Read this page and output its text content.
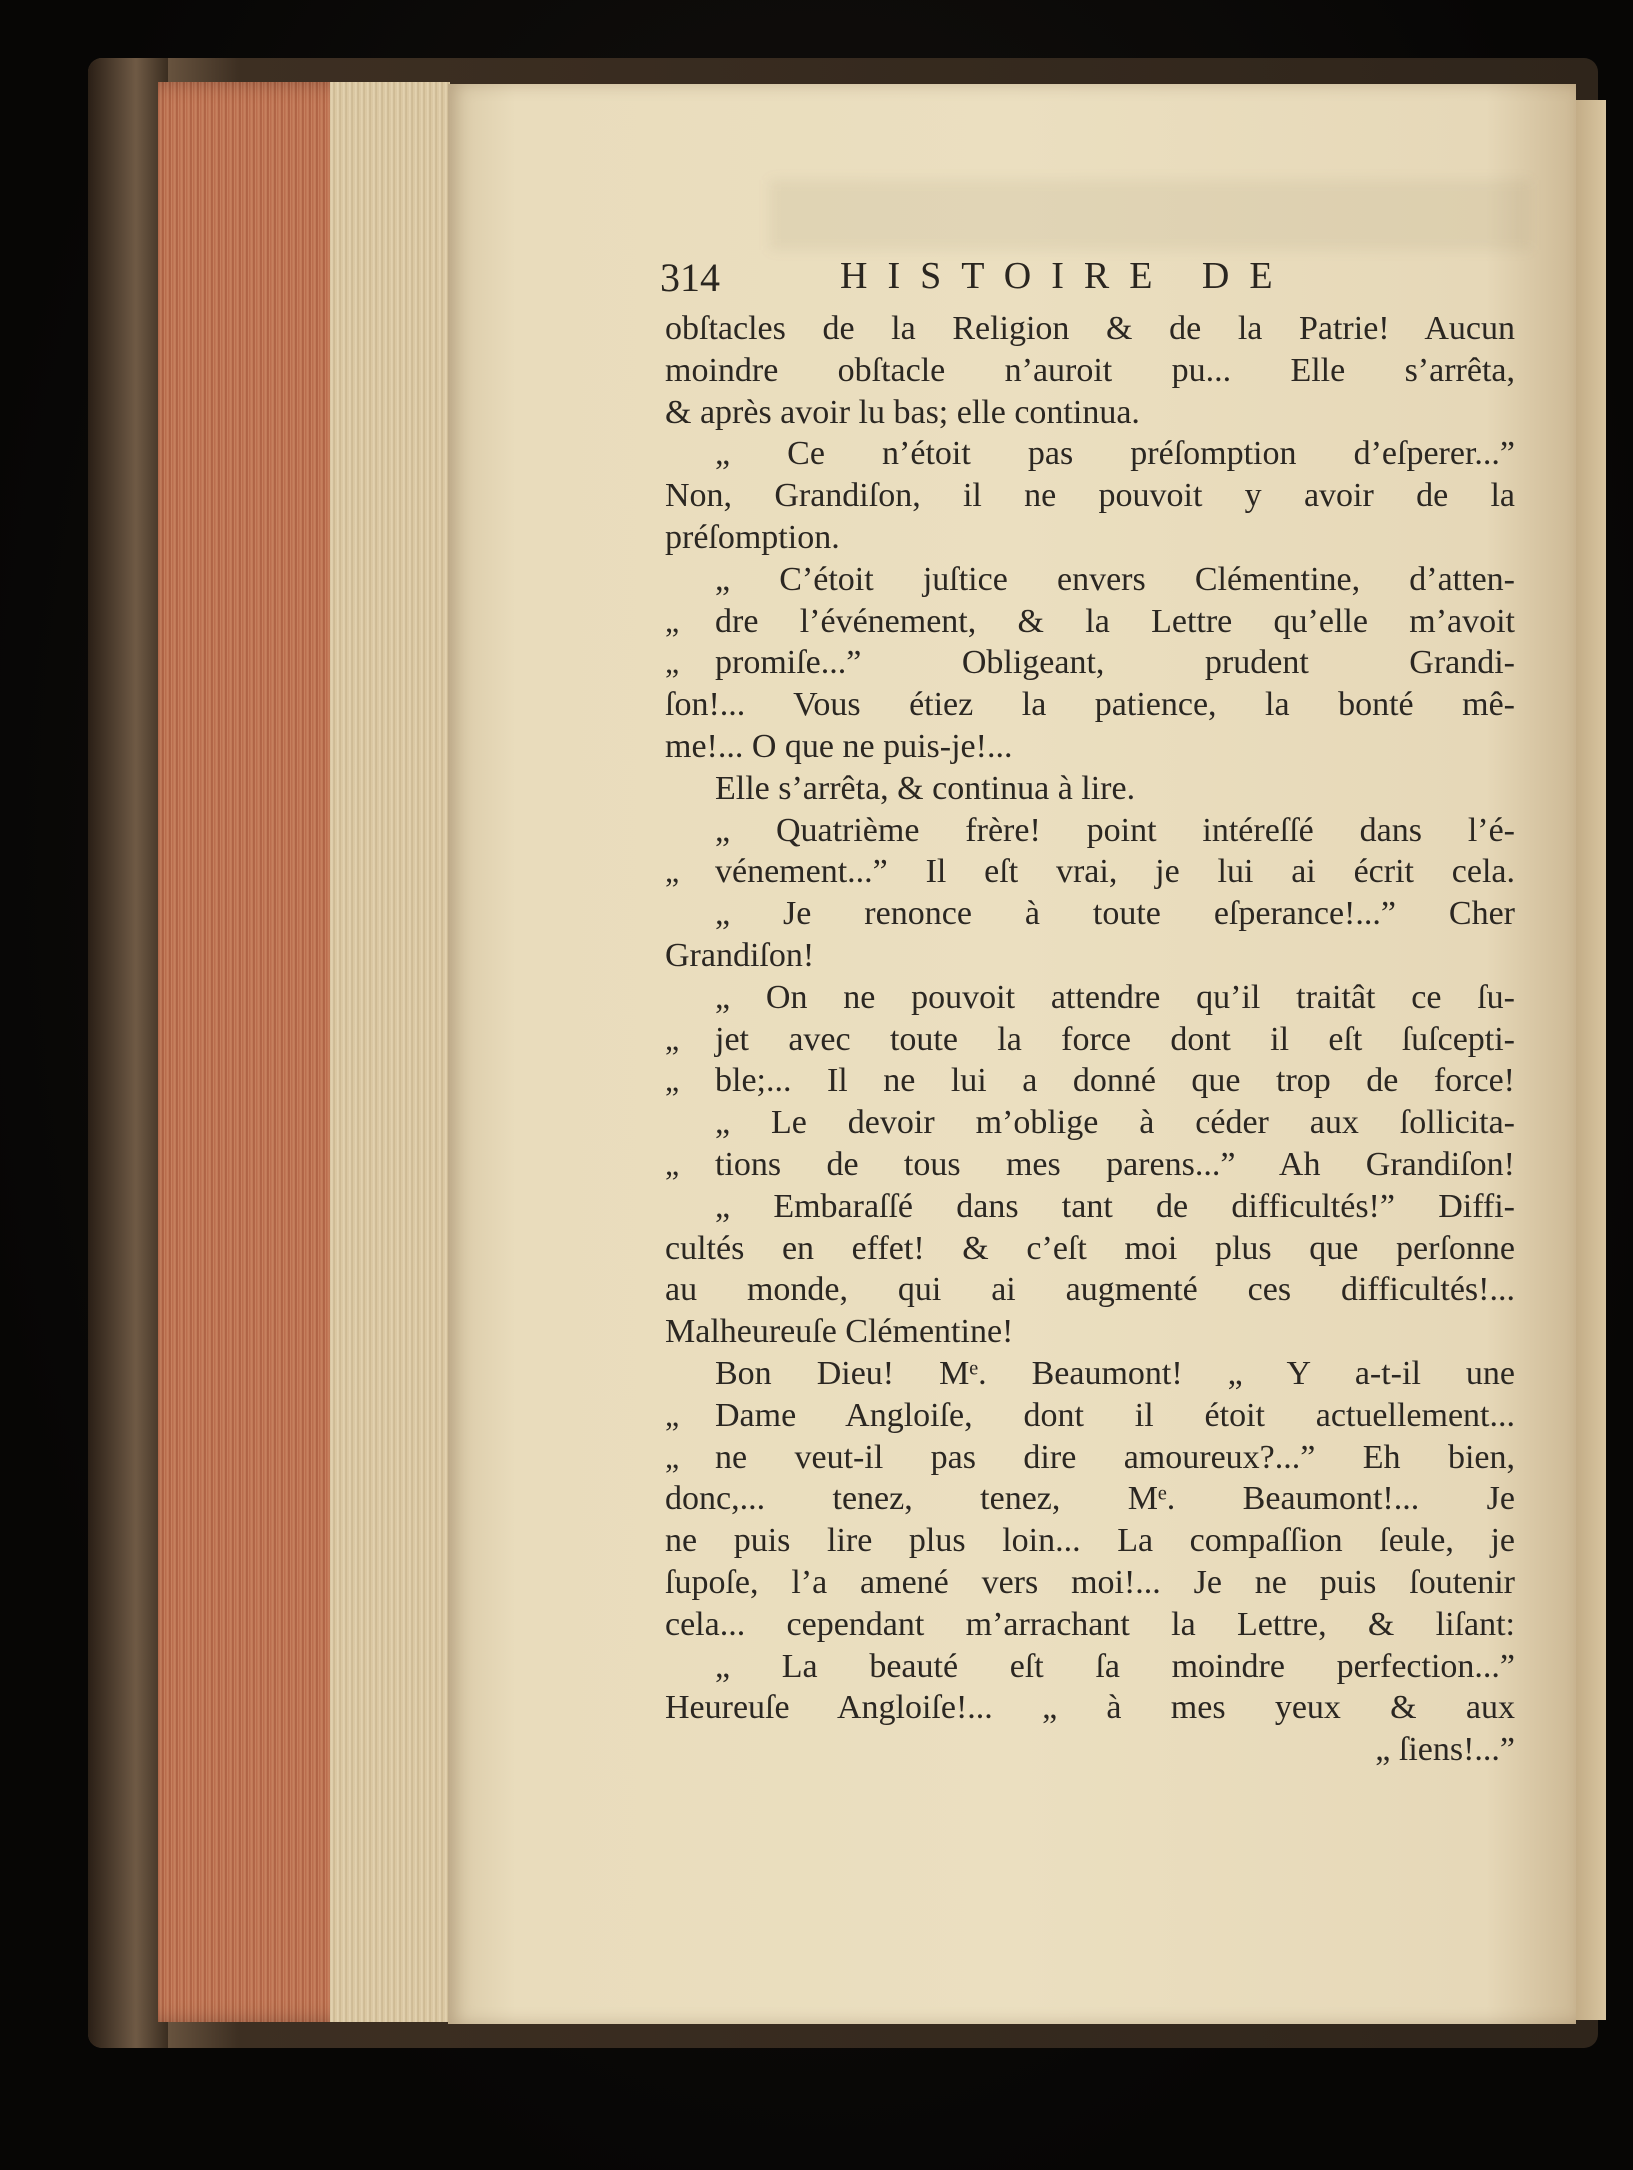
314	HISTOIRE DE
obſtacles de la Religion & de la Patrie! Aucun
moindre obſtacle n’auroit pu... Elle s’arrêta,
& après avoir lu bas; elle continua.
„ Ce n’étoit pas préſomption d’eſperer...”
Non, Grandiſon, il ne pouvoit y avoir de la
préſomption.
„ C’étoit juſtice envers Clémentine, d’atten-
„ dre l’événement, & la Lettre qu’elle m’avoit
„ promiſe...” Obligeant, prudent Grandi-
ſon!... Vous étiez la patience, la bonté mê-
me!... O que ne puis-je!...
Elle s’arrêta, & continua à lire.
„ Quatrième frère! point intéreſſé dans l’é-
„ vénement...” Il eſt vrai, je lui ai écrit cela.
„ Je renonce à toute eſperance!...” Cher
Grandiſon!
„ On ne pouvoit attendre qu’il traitât ce ſu-
„ jet avec toute la force dont il eſt ſuſcepti-
„ ble;... Il ne lui a donné que trop de force!
„ Le devoir m’oblige à céder aux ſollicita-
„ tions de tous mes parens...” Ah Grandiſon!
„ Embaraſſé dans tant de difficultés!” Diffi-
cultés en effet! & c’eſt moi plus que perſonne
au monde, qui ai augmenté ces difficultés!...
Malheureuſe Clémentine!
Bon Dieu! Mᵉ. Beaumont! „ Y a-t-il une
„ Dame Angloiſe, dont il étoit actuellement...
„ ne veut-il pas dire amoureux?...” Eh bien,
donc,... tenez, tenez, Mᵉ. Beaumont!... Je
ne puis lire plus loin... La compaſſion ſeule, je
ſupoſe, l’a amené vers moi!... Je ne puis ſoutenir
cela... cependant m’arrachant la Lettre, & liſant:
„ La beauté eſt ſa moindre perfection...”
Heureuſe Angloiſe!... „ à mes yeux & aux
„ ſiens!...”
